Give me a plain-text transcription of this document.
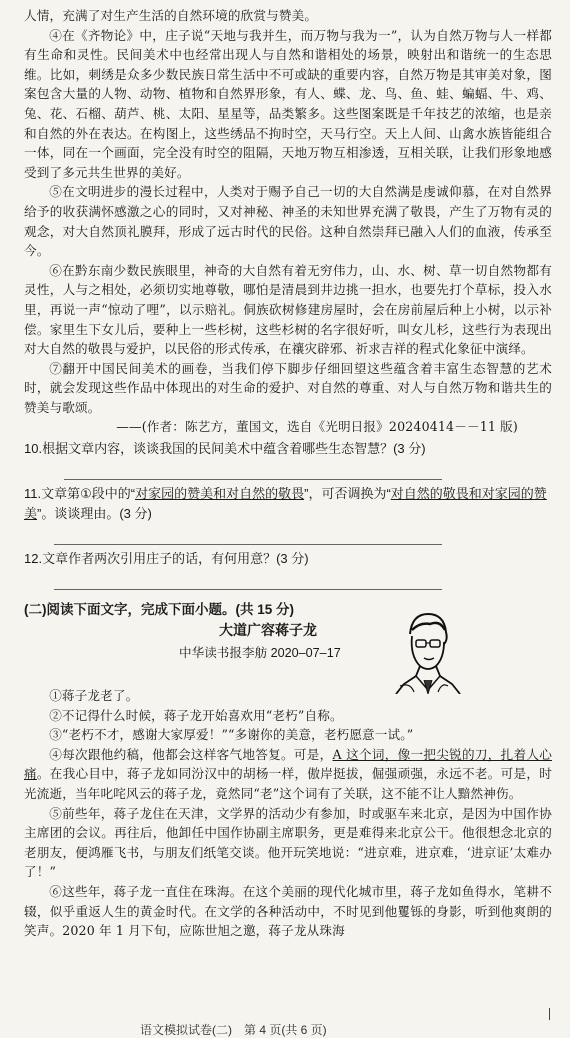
人情，充满了对生产生活的自然环境的欣赏与赞美。

④在《齐物论》中，庄子说“天地与我并生，而万物与我为一”，认为自然万物与人一样都有生命和灵性。民间美术中也经常出现人与自然和谐相处的场景，映射出和谐统一的生态思维。比如，刺绣是众多少数民族日常生活中不可或缺的重要内容，自然万物是其审美对象，图案包含大量的人物、动物、植物和自然界形象，有人、蝶、龙、鸟、鱼、蛙、蝙蝠、牛、鸡、兔、花、石榴、葫芦、桃、太阳、星星等，品类繁多。这些图案既是千年技艺的浓缩，也是亲和自然的外在表达。在构图上，这些绣品不拘时空，天马行空。天上人间、山禽水族皆能组合一体，同在一个画面，完全没有时空的阻隔，天地万物互相渗透，互相关联，让我们形象地感受到了多元共生世界的美好。

⑤在文明进步的漫长过程中，人类对于赐予自己一切的大自然满是虔诚仰慕，在对自然界给予的收获满怀感激之心的同时，又对神秘、神圣的未知世界充满了敬畏，产生了万物有灵的观念，对大自然顶礼膜拜，形成了远古时代的民俗。这种自然崇拜已融入人们的血液，传承至今。

⑥在黔东南少数民族眼里，神奇的大自然有着无穷伟力，山、水、树、草一切自然物都有灵性，人与之相处，必须切实地尊敬，哪怕是清晨到井边挑一担水，也要先打个草标，投入水里，再说一声“惊动了哩”，以示赔礼。侗族砍树修建房屋时，会在房前屋后种上小树，以示补偿。家里生下女儿后，要种上一些杉树，这些杉树的名字很好听，叫女儿杉，这些行为表现出对大自然的敬畏与爱护，以民俗的形式传承，在禳灾辟邪、祈求吉祥的程式化象征中演绎。

⑦翻开中国民间美术的画卷，当我们停下脚步仔细回望这些蕴含着丰富生态智慧的艺术时，就会发现这些作品中体现出的对生命的爱护、对自然的尊重、对人与自然万物和谐共生的赞美与歌颂。

——(作者：陈艺方，董国文，选自《光明日报》20240414－－11 版)

10.根据文章内容，谈谈我国的民间美术中蕴含着哪些生态智慧？(3 分)

11.文章第①段中的“对家园的赞美和对自然的敬畏”，可否调换为“对自然的敬畏和对家园的赞美”。谈谈理由。(3 分)

12.文章作者两次引用庄子的话，有何用意？(3 分)

(二)阅读下面文字，完成下面小题。(共 15 分)
大道广容蒋子龙
中华读书报李舫 2020–07–17

①蒋子龙老了。

②不记得什么时候，蒋子龙开始喜欢用“老朽”自称。

③“老朽不才，感谢大家厚爱！”“多谢你的美意，老朽愿意一试。”

④每次跟他约稿，他都会这样客气地答复。可是，A 这个词，像一把尖锐的刀，扎着人心痛。在我心目中，蒋子龙如同汾汉中的胡杨一样，傲岸挺拔，倔强顽强，永远不老。可是，时光流逝，当年叱咤风云的蒋子龙，竟然同“老”这个词有了关联，这不能不让人黯然神伤。

⑤前些年，蒋子龙住在天津，文学界的活动少有参加，时或驱车来北京，是因为中国作协主席团的会议。再往后，他卸任中国作协副主席职务，更是难得来北京公干。他很想念北京的老朋友，便鸿雁飞书，与朋友们纸笔交谈。他开玩笑地说：“进京难，进京难，‘进京证’太难办了！”

⑥这些年，蒋子龙一直住在珠海。在这个美丽的现代化城市里，蒋子龙如鱼得水，笔耕不辍，似乎重返人生的黄金时代。在文学的各种活动中，不时见到他矍铄的身影，听到他爽朗的笑声。2020 年 1 月下旬，应陈世旭之邀，蒋子龙从珠海

语文模拟试卷(二)　第 4 页(共 6 页)
